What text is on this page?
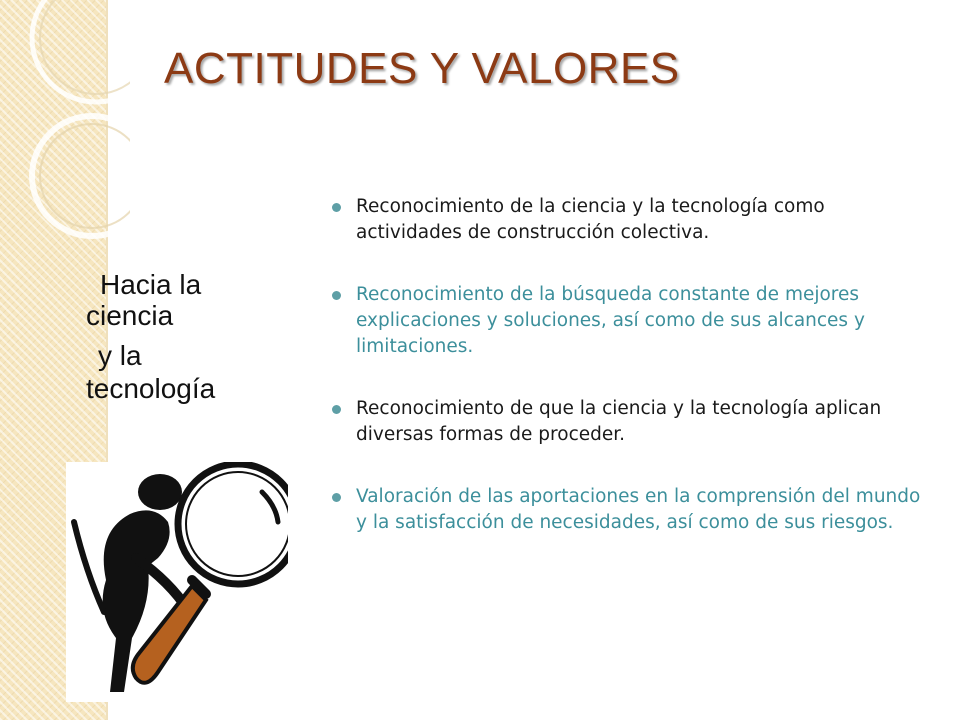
ACTITUDES Y VALORES
Hacia la
ciencia
y la
tecnología
Reconocimiento de la ciencia y la tecnología como actividades de construcción colectiva.
Reconocimiento de la búsqueda constante de mejores explicaciones y soluciones, así como de sus alcances y limitaciones.
Reconocimiento de que la ciencia y la tecnología aplican diversas formas de proceder.
Valoración de las aportaciones en la comprensión del mundo y la satisfacción de necesidades, así como de sus riesgos.
